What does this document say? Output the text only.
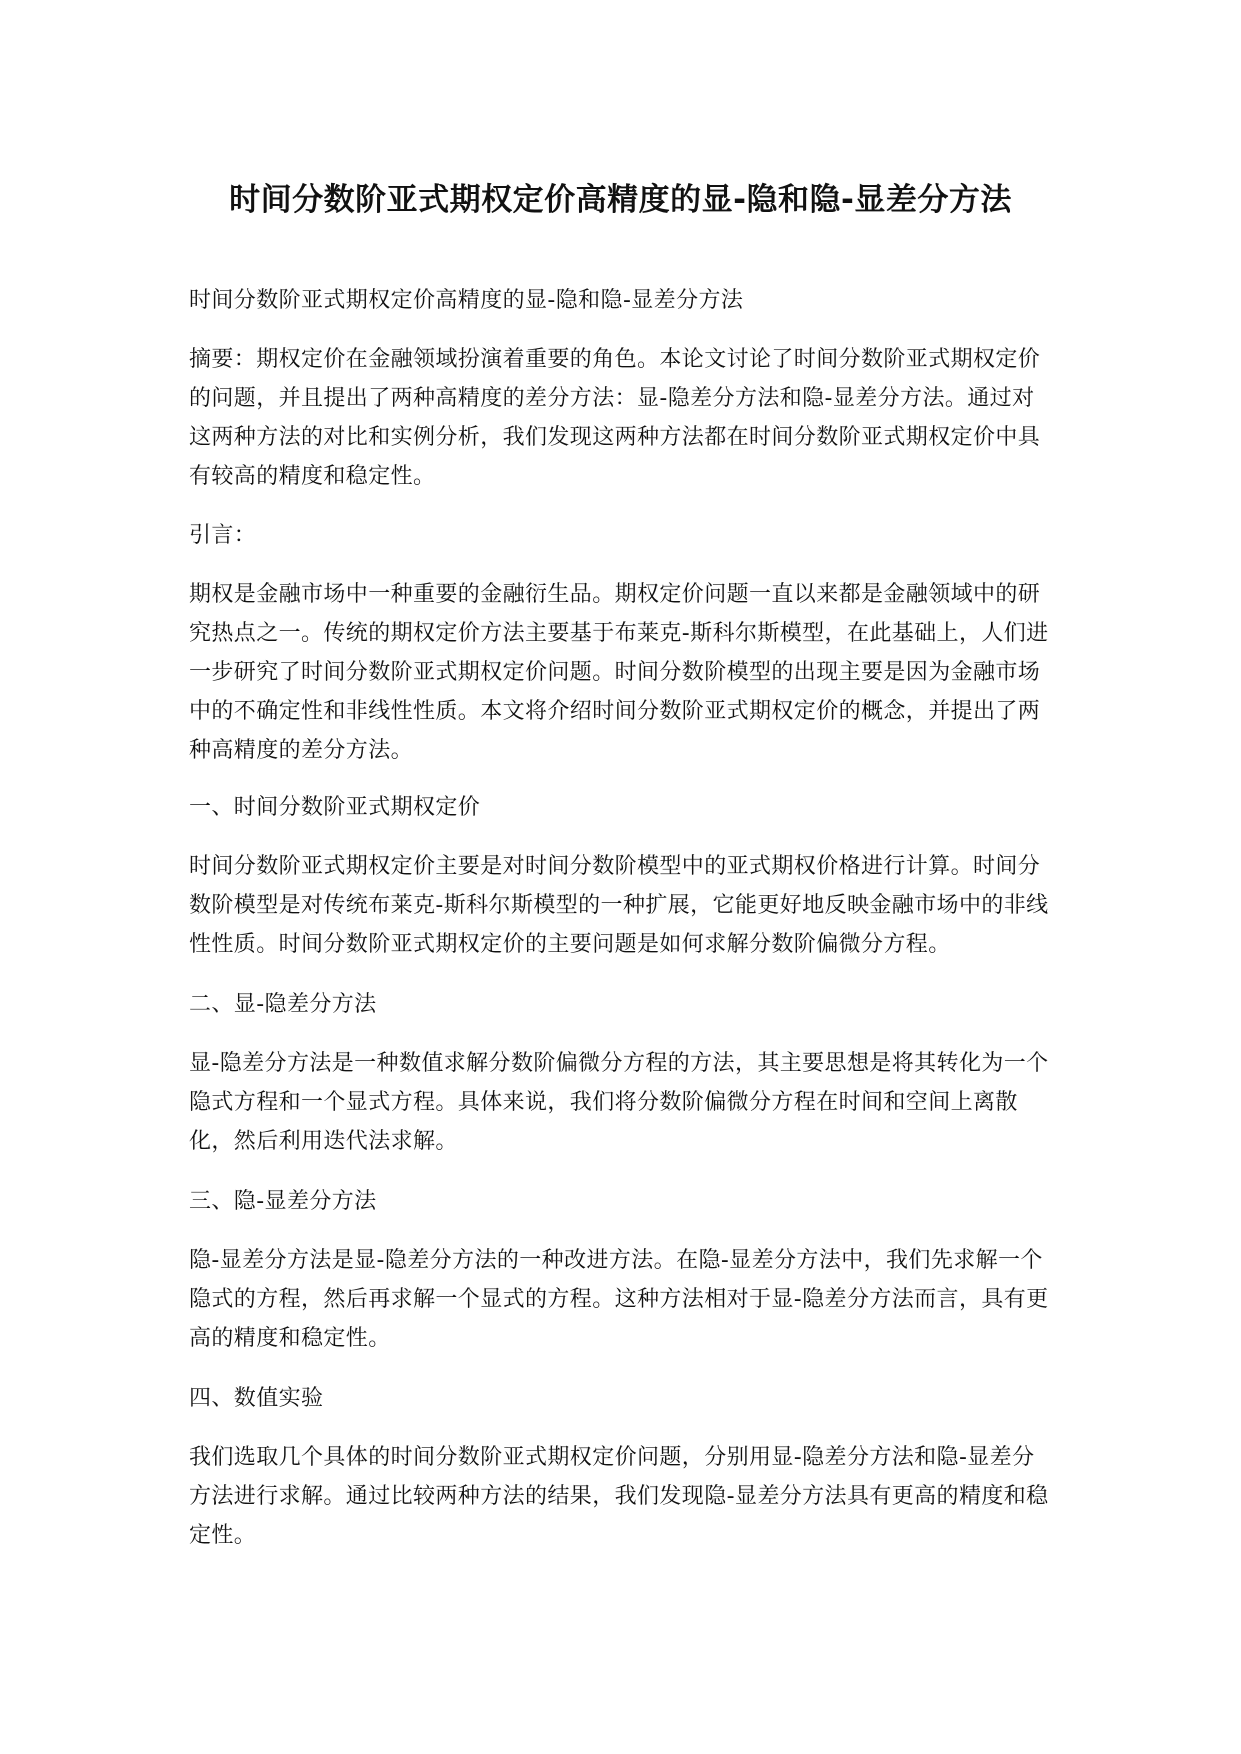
时间分数阶亚式期权定价高精度的显-隐和隐-显差分方法

时间分数阶亚式期权定价高精度的显-隐和隐-显差分方法

摘要：期权定价在金融领域扮演着重要的角色。本论文讨论了时间分数阶亚式期权定价的问题，并且提出了两种高精度的差分方法：显-隐差分方法和隐-显差分方法。通过对这两种方法的对比和实例分析，我们发现这两种方法都在时间分数阶亚式期权定价中具有较高的精度和稳定性。

引言：

期权是金融市场中一种重要的金融衍生品。期权定价问题一直以来都是金融领域中的研究热点之一。传统的期权定价方法主要基于布莱克-斯科尔斯模型，在此基础上，人们进一步研究了时间分数阶亚式期权定价问题。时间分数阶模型的出现主要是因为金融市场中的不确定性和非线性性质。本文将介绍时间分数阶亚式期权定价的概念，并提出了两种高精度的差分方法。

一、时间分数阶亚式期权定价

时间分数阶亚式期权定价主要是对时间分数阶模型中的亚式期权价格进行计算。时间分数阶模型是对传统布莱克-斯科尔斯模型的一种扩展，它能更好地反映金融市场中的非线性性质。时间分数阶亚式期权定价的主要问题是如何求解分数阶偏微分方程。

二、显-隐差分方法

显-隐差分方法是一种数值求解分数阶偏微分方程的方法，其主要思想是将其转化为一个隐式方程和一个显式方程。具体来说，我们将分数阶偏微分方程在时间和空间上离散化，然后利用迭代法求解。

三、隐-显差分方法

隐-显差分方法是显-隐差分方法的一种改进方法。在隐-显差分方法中，我们先求解一个隐式的方程，然后再求解一个显式的方程。这种方法相对于显-隐差分方法而言，具有更高的精度和稳定性。

四、数值实验

我们选取几个具体的时间分数阶亚式期权定价问题，分别用显-隐差分方法和隐-显差分方法进行求解。通过比较两种方法的结果，我们发现隐-显差分方法具有更高的精度和稳定性。
